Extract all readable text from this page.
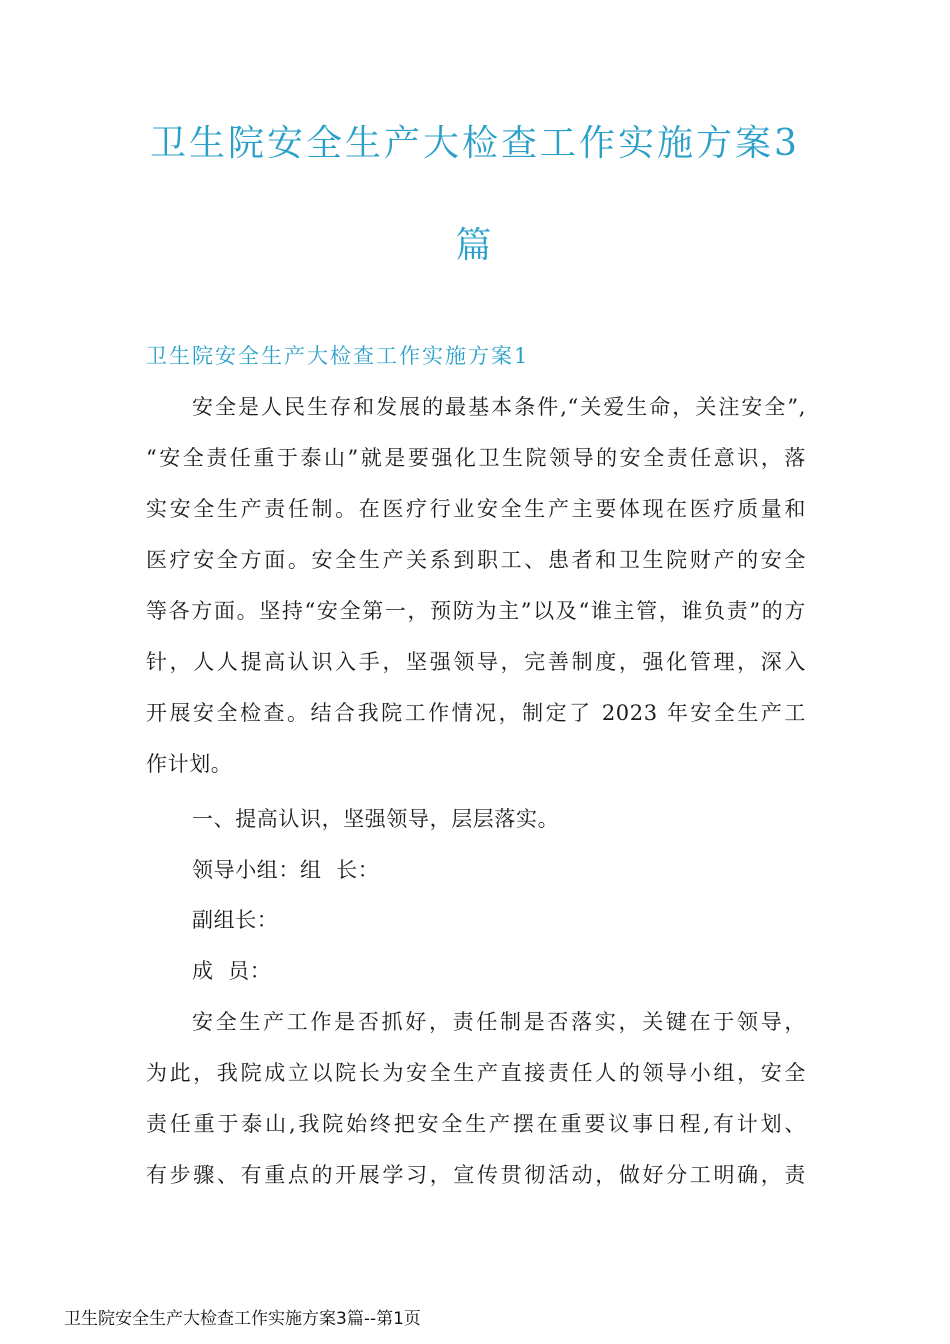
卫生院安全生产大检查工作实施方案3
篇
卫生院安全生产大检查工作实施方案1

安全是人民生存和发展的最基本条件,“关爱生命，关注安全”,

“安全责任重于泰山”就是要强化卫生院领导的安全责任意识，落

实安全生产责任制。在医疗行业安全生产主要体现在医疗质量和

医疗安全方面。安全生产关系到职工、患者和卫生院财产的安全

等各方面。坚持“安全第一，预防为主”以及“谁主管，谁负责”的方

针，人人提高认识入手，坚强领导，完善制度，强化管理，深入

开展安全检查。结合我院工作情况，制定了 2023 年安全生产工

作计划。

一、提高认识，坚强领导，层层落实。

领导小组：组  长：

副组长：

成  员：

安全生产工作是否抓好，责任制是否落实，关键在于领导，

为此，我院成立以院长为安全生产直接责任人的领导小组，安全

责任重于泰山,我院始终把安全生产摆在重要议事日程,有计划、

有步骤、有重点的开展学习，宣传贯彻活动，做好分工明确，责

卫生院安全生产大检查工作实施方案3篇--第1页
